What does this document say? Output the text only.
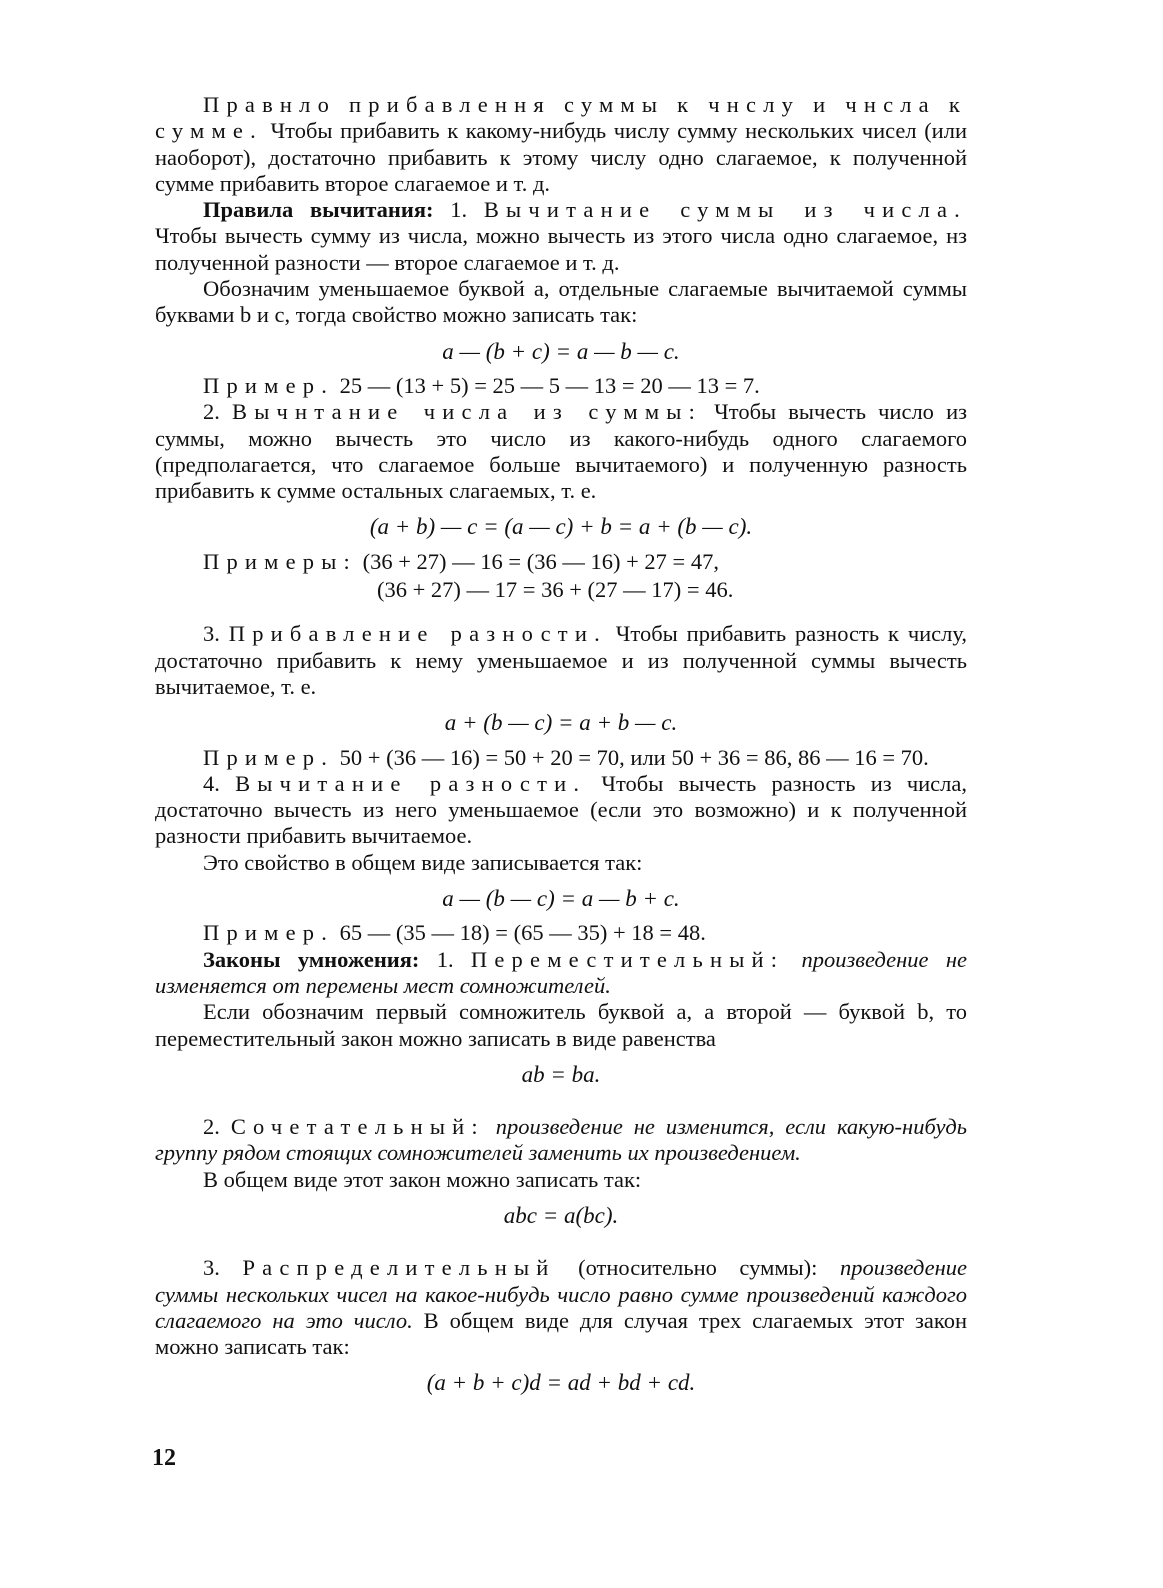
Правнло прибавлення суммы к чнслу и чнсла к сумме. Чтобы прибавить к какому-нибудь числу сумму нескольких чисел (или наоборот), достаточно прибавить к этому числу одно слагаемое, к полученной сумме прибавить второе слагаемое и т. д.

Правила вычитания: 1. Вычитание суммы из числа. Чтобы вычесть сумму из числа, можно вычесть из этого числа одно слагаемое, нз полученной разности — второе слагаемое и т. д.

Обозначим уменьшаемое буквой a, отдельные слагаемые вычитаемой суммы буквами b и c, тогда свойство можно записать так:

a — (b + c) = a — b — c.

Пример. 25 — (13 + 5) = 25 — 5 — 13 = 20 — 13 = 7.

2. Вычнтание числа из суммы: Чтобы вычесть число из суммы, можно вычесть это число из какого-нибудь одного слагаемого (предполагается, что слагаемое больше вычитаемого) и полученную разность прибавить к сумме остальных слагаемых, т. е.

(a + b) — c = (a — c) + b = a + (b — c).

Примеры: (36 + 27) — 16 = (36 — 16) + 27 = 47,

(36 + 27) — 17 = 36 + (27 — 17) = 46.

3. Прибавление разности. Чтобы прибавить разность к числу, достаточно прибавить к нему уменьшаемое и из полученной суммы вычесть вычитаемое, т. е.

a + (b — c) = a + b — c.

Пример. 50 + (36 — 16) = 50 + 20 = 70, или 50 + 36 = 86, 86 — 16 = 70.

4. Вычитание разности. Чтобы вычесть разность из числа, достаточно вычесть из него уменьшаемое (если это возможно) и к полученной разности прибавить вычитаемое.

Это свойство в общем виде записывается так:

a — (b — c) = a — b + c.

Пример. 65 — (35 — 18) = (65 — 35) + 18 = 48.

Законы умножения: 1. Переместительный: произведение не изменяется от перемены мест сомножителей.

Если обозначим первый сомножитель буквой a, а второй — буквой b, то переместительный закон можно записать в виде равенства

ab = ba.

2. Сочетательный: произведение не изменится, если какую-нибудь группу рядом стоящих сомножителей заменить их произведением.

В общем виде этот закон можно записать так:

abc = a(bc).

3. Распределительный (относительно суммы): произведение суммы нескольких чисел на какое-нибудь число равно сумме произведений каждого слагаемого на это число. В общем виде для случая трех слагаемых этот закон можно записать так:

(a + b + c)d = ad + bd + cd.
12
